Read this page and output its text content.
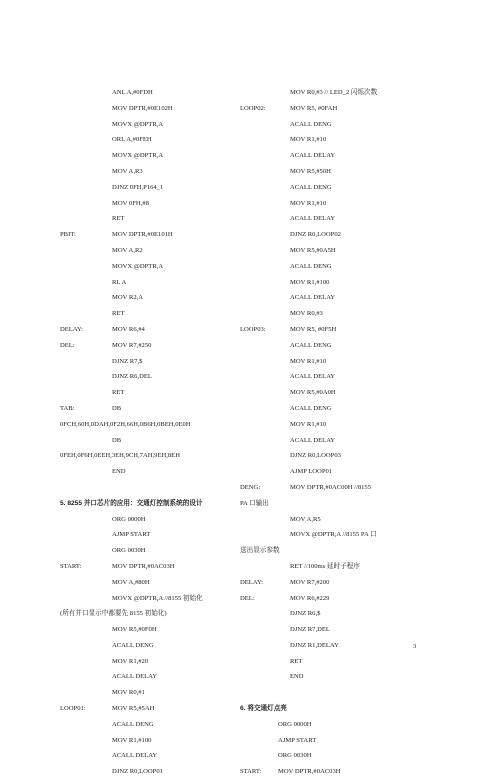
ANL A,#0FDH
MOV DPTR,#0E102H
MOVX @DPTR,A
ORL A,#0FEH
MOVX @DPTR,A
MOV A,R3
DJNZ 0FH,P164_1
MOV 0FH,#8
RET
PBIT:	MOV DPTR,#0E101H
MOV A,R2
MOVX @DPTR,A
RL A
MOV R2,A
RET
DELAY:	MOV R6,#4
DEL:	MOV R7,#250
DJNZ R7,$
DJNZ R6,DEL
RET
TAB:	DB
0FCH,60H,0DAH,0F2H,66H,0B6H,0BEH,0E0H
DB
0FEH,0F6H,0EEH,3EH,9CH,7AH,9EH,8EH
END
5. 8255 并口芯片的应用：交通灯控制系统的设计
ORG 0000H
AJMP START
ORG 0030H
START:	MOV DPTR,#0AC03H
MOV A,#80H
MOVX @DPTR,A //8155 初始化
(所有并口显示中都要先 8155 初始化)
MOV R5,#0F0H
ACALL DENG
MOV R1,#20
ACALL DELAY
MOV R0,#1
LOOP01:	MOV R5,#5AH
ACALL DENG
MOV R1,#100
ACALL DELAY
DJNZ R0,LOOP01
MOV R0,#3 // LED_2 闪烁次数
LOOP02:	MOV R5, #0FAH
ACALL DENG
MOV R1,#10
ACALL DELAY
MOV R5,#50H
ACALL DENG
MOV R1,#10
ACALL DELAY
DJNZ R0,LOOP02
MOV R5,#0A5H
ACALL DENG
MOV R1,#100
ACALL DELAY
MOV R0,#3
LOOP03:	MOV R5, #0F5H
ACALL DENG
MOV R1,#10
ACALL DELAY
MOV R5,#0A0H
ACALL DENG
MOV R1,#10
ACALL DELAY
DJNZ R0,LOOP03
AJMP LOOP01
DENG:	MOV DPTR,#0AC00H //8155
PA 口输出
MOV A,R5
MOVX @DPTR,A //8155 PA 口
送出显示参数
RET //100ms 延时子程序
DELAY:	MOV R7,#200
DEL:	MOV R6,#229
DJNZ R6,$
DJNZ R7,DEL
DJNZ R1,DELAY
RET
END
6. 将交通灯点亮
ORG 0000H
AJMP START
ORG 0030H
START:	MOV DPTR,#0AC03H
3
